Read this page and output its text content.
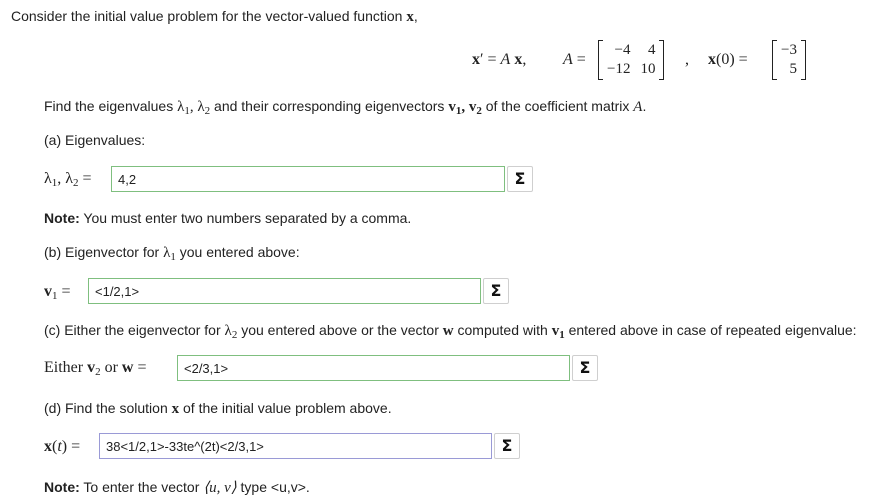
Consider the initial value problem for the vector-valued function x,
x′ = A x, A =
−4	4
−12 10
, x(0) =
−3
5
Find the eigenvalues $\lambda_1$, $\lambda_2$ and their corresponding eigenvectors $v_1$, $v_2$ of the coefficient matrix A.
(a) Eigenvalues:
λ1, λ2 =
4,2	Σ
Note: You must enter two numbers separated by a comma.
(b) Eigenvector for $\lambda_1$ you entered above:
v1 =
<1/2,1>	Σ
(c) Either the eigenvector for $\lambda_2$ you entered above or the vector w computed with $v_1$ entered above in case of repeated eigenvalue:
Either v2 or w =
<2/3,1>	Σ
(d) Find the solution x of the initial value problem above.
x(t) =
38<1/2,1>-33te^(2t)<2/3,1>	Σ
Note: To enter the vector ⟨u, v⟩ type <u,v>.
